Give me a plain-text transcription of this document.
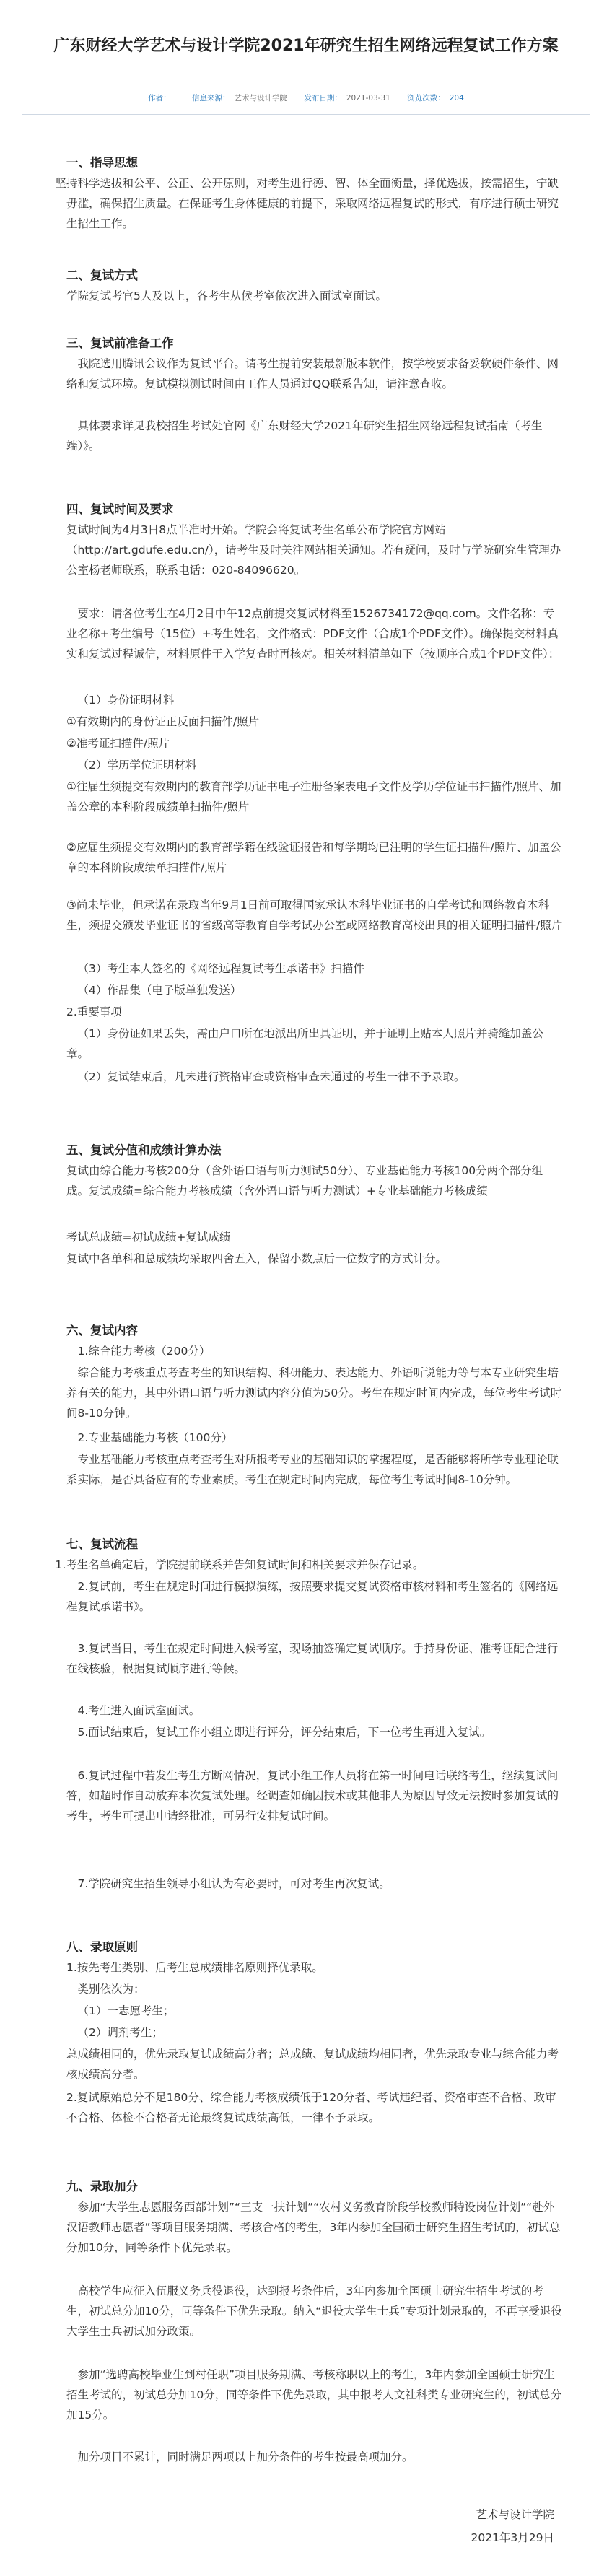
广东财经大学艺术与设计学院2021年研究生招生网络远程复试工作方案
作者：	信息来源： 艺术与设计学院 发布日期： 2021-03-31 浏览次数： 204
一、指导思想

坚持科学选拔和公平、公正、公开原则，对考生进行德、智、体全面衡量，择优选拔，按需招生，宁缺毋滥，确保招生质量。在保证考生身体健康的前提下，采取网络远程复试的形式，有序进行硕士研究生招生工作。

二、复试方式

学院复试考官5人及以上，各考生从候考室依次进入面试室面试。

三、复试前准备工作

我院选用腾讯会议作为复试平台。请考生提前安装最新版本软件，按学校要求备妥软硬件条件、网络和复试环境。复试模拟测试时间由工作人员通过QQ联系告知，请注意查收。

具体要求详见我校招生考试处官网《广东财经大学2021年研究生招生网络远程复试指南（考生端）》。

四、复试时间及要求

复试时间为4月3日8点半准时开始。学院会将复试考生名单公布学院官方网站（http://art.gdufe.edu.cn/），请考生及时关注网站相关通知。若有疑问，及时与学院研究生管理办公室杨老师联系，联系电话：020-84096620。

要求：请各位考生在4月2日中午12点前提交复试材料至1526734172@qq.com。文件名称：专业名称+考生编号（15位）+考生姓名，文件格式：PDF文件（合成1个PDF文件）。确保提交材料真实和复试过程诚信，材料原件于入学复查时再核对。相关材料清单如下（按顺序合成1个PDF文件）：

（1）身份证明材料

①有效期内的身份证正反面扫描件/照片

②准考证扫描件/照片

（2）学历学位证明材料

①往届生须提交有效期内的教育部学历证书电子注册备案表电子文件及学历学位证书扫描件/照片、加盖公章的本科阶段成绩单扫描件/照片

②应届生须提交有效期内的教育部学籍在线验证报告和每学期均已注明的学生证扫描件/照片、加盖公章的本科阶段成绩单扫描件/照片

③尚未毕业，但承诺在录取当年9月1日前可取得国家承认本科毕业证书的自学考试和网络教育本科生，须提交颁发毕业证书的省级高等教育自学考试办公室或网络教育高校出具的相关证明扫描件/照片

（3）考生本人签名的《网络远程复试考生承诺书》扫描件

（4）作品集（电子版单独发送）

2.重要事项

（1）身份证如果丢失，需由户口所在地派出所出具证明，并于证明上贴本人照片并骑缝加盖公章。

（2）复试结束后，凡未进行资格审查或资格审查未通过的考生一律不予录取。

五、复试分值和成绩计算办法

复试由综合能力考核200分（含外语口语与听力测试50分）、专业基础能力考核100分两个部分组成。复试成绩=综合能力考核成绩（含外语口语与听力测试）+专业基础能力考核成绩

考试总成绩=初试成绩+复试成绩

复试中各单科和总成绩均采取四舍五入，保留小数点后一位数字的方式计分。

六、复试内容

1.综合能力考核（200分）

综合能力考核重点考查考生的知识结构、科研能力、表达能力、外语听说能力等与本专业研究生培养有关的能力，其中外语口语与听力测试内容分值为50分。考生在规定时间内完成，每位考生考试时间8-10分钟。

2.专业基础能力考核（100分）

专业基础能力考核重点考查考生对所报考专业的基础知识的掌握程度，是否能够将所学专业理论联系实际，是否具备应有的专业素质。考生在规定时间内完成，每位考生考试时间8-10分钟。

七、复试流程

1.考生名单确定后，学院提前联系并告知复试时间和相关要求并保存记录。

2.复试前，考生在规定时间进行模拟演练，按照要求提交复试资格审核材料和考生签名的《网络远程复试承诺书》。

3.复试当日，考生在规定时间进入候考室，现场抽签确定复试顺序。手持身份证、准考证配合进行在线核验，根据复试顺序进行等候。

4.考生进入面试室面试。

5.面试结束后，复试工作小组立即进行评分，评分结束后，下一位考生再进入复试。

6.复试过程中若发生考生方断网情况，复试小组工作人员将在第一时间电话联络考生，继续复试问答，如超时作自动放弃本次复试处理。经调查如确因技术或其他非人为原因导致无法按时参加复试的考生，考生可提出申请经批准，可另行安排复试时间。

7.学院研究生招生领导小组认为有必要时，可对考生再次复试。

八、录取原则

1.按先考生类别、后考生总成绩排名原则择优录取。

类别依次为：

（1）一志愿考生；

（2）调剂考生；

总成绩相同的，优先录取复试成绩高分者；总成绩、复试成绩均相同者，优先录取专业与综合能力考核成绩高分者。

2.复试原始总分不足180分、综合能力考核成绩低于120分者、考试违纪者、资格审查不合格、政审不合格、体检不合格者无论最终复试成绩高低，一律不予录取。

九、录取加分

参加“大学生志愿服务西部计划”“三支一扶计划”“农村义务教育阶段学校教师特设岗位计划”“赴外汉语教师志愿者”等项目服务期满、考核合格的考生，3年内参加全国硕士研究生招生考试的，初试总分加10分，同等条件下优先录取。

高校学生应征入伍服义务兵役退役，达到报考条件后，3年内参加全国硕士研究生招生考试的考生，初试总分加10分，同等条件下优先录取。纳入“退役大学生士兵”专项计划录取的，不再享受退役大学生士兵初试加分政策。

参加“选聘高校毕业生到村任职”项目服务期满、考核称职以上的考生，3年内参加全国硕士研究生招生考试的，初试总分加10分，同等条件下优先录取，其中报考人文社科类专业研究生的，初试总分加15分。

加分项目不累计，同时满足两项以上加分条件的考生按最高项加分。

艺术与设计学院
2021年3月29日
